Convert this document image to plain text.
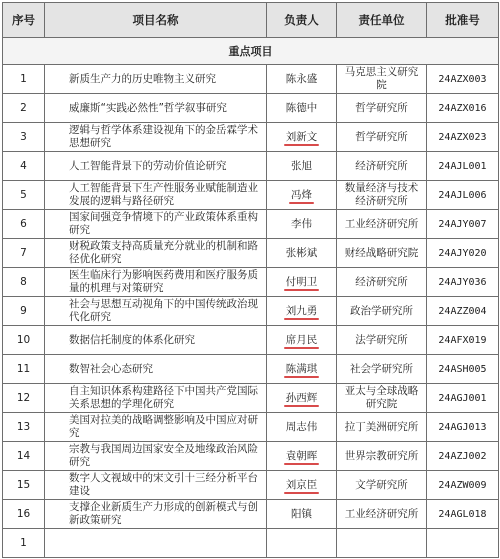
序号	项目名称	负责人	责任单位	批准号
重点项目				
1	新质生产力的历史唯物主义研究	陈永盛	马克思主义研究院	24AZX003
2	威廉斯“实践必然性”哲学叙事研究	陈德中	哲学研究所	24AZX016
3	逻辑与哲学体系建设视角下的金岳霖学术思想研究	刘新文	哲学研究所	24AZX023
4	人工智能背景下的劳动价值论研究	张旭	经济研究所	24AJL001
5	人工智能背景下生产性服务业赋能制造业发展的逻辑与路径研究	冯烽	数量经济与技术经济研究所	24AJL006
6	国家间强竞争情境下的产业政策体系重构研究	李伟	工业经济研究所	24AJY007
7	财税政策支持高质量充分就业的机制和路径优化研究	张彬斌	财经战略研究院	24AJY020
8	医生临床行为影响医药费用和医疗服务质量的机理与对策研究	付明卫	经济研究所	24AJY036
9	社会与思想互动视角下的中国传统政治现代化研究	刘九勇	政治学研究所	24AZZ004
10	数据信托制度的体系化研究	席月民	法学研究所	24AFX019
11	数智社会心态研究	陈满琪	社会学研究所	24ASH005
12	自主知识体系构建路径下中国共产党国际关系思想的学理化研究	孙西辉	亚太与全球战略研究院	24AGJ001
13	美国对拉美的战略调整影响及中国应对研究	周志伟	拉丁美洲研究所	24AGJ013
14	宗教与我国周边国家安全及地缘政治风险研究	袁朝晖	世界宗教研究所	24AZJ002
15	数字人文视域中的宋文引十三经分析平台建设	刘京臣	文学研究所	24AZW009
16	支撑企业新质生产力形成的创新模式与创新政策研究	阳镇	工业经济研究所	24AGL018
1				
